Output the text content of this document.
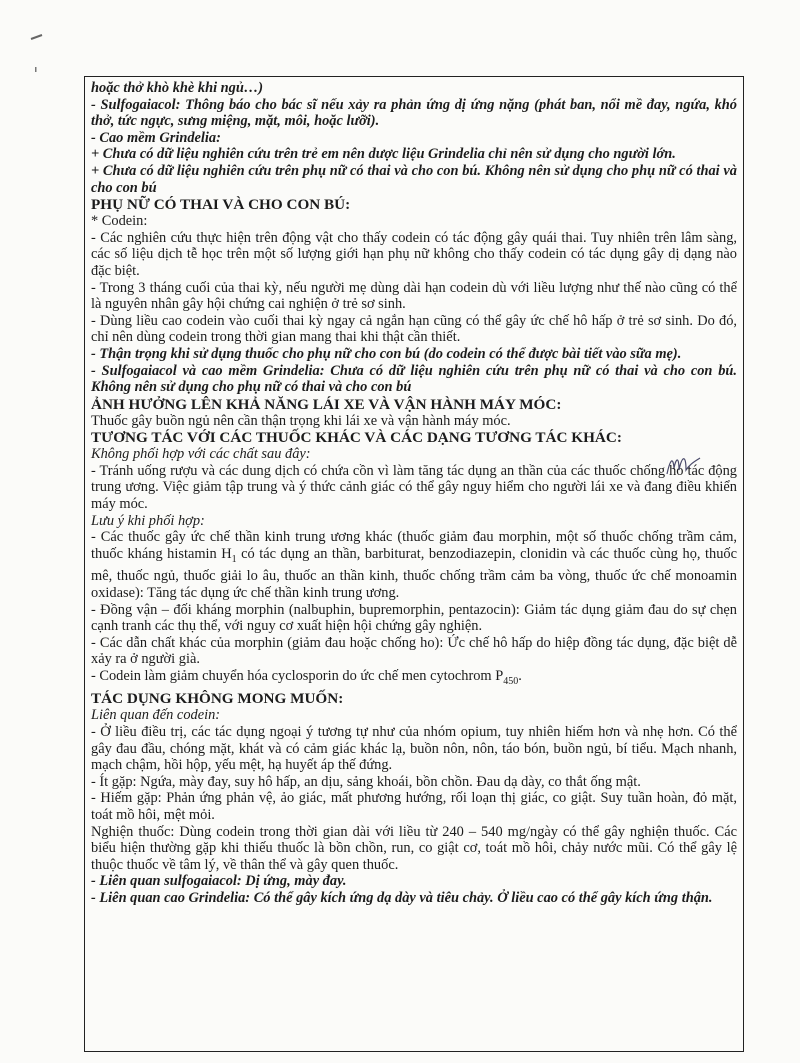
hoặc thở khò khè khi ngủ…)

- Sulfogaiacol: Thông báo cho bác sĩ nếu xảy ra phản ứng dị ứng nặng (phát ban, nổi mề đay, ngứa, khó thở, tức ngực, sưng miệng, mặt, môi, hoặc lưỡi).

- Cao mềm Grindelia:

+ Chưa có dữ liệu nghiên cứu trên trẻ em nên dược liệu Grindelia chỉ nên sử dụng cho người lớn.

+ Chưa có dữ liệu nghiên cứu trên phụ nữ có thai và cho con bú. Không nên sử dụng cho phụ nữ có thai và cho con bú

PHỤ NỮ CÓ THAI VÀ CHO CON BÚ:

* Codein:

- Các nghiên cứu thực hiện trên động vật cho thấy codein có tác động gây quái thai. Tuy nhiên trên lâm sàng, các số liệu dịch tễ học trên một số lượng giới hạn phụ nữ không cho thấy codein có tác dụng gây dị dạng nào đặc biệt.

- Trong 3 tháng cuối của thai kỳ, nếu người mẹ dùng dài hạn codein dù với liều lượng như thế nào cũng có thể là nguyên nhân gây hội chứng cai nghiện ở trẻ sơ sinh.

- Dùng liều cao codein vào cuối thai kỳ ngay cả ngắn hạn cũng có thể gây ức chế hô hấp ở trẻ sơ sinh. Do đó, chỉ nên dùng codein trong thời gian mang thai khi thật cần thiết.

- Thận trọng khi sử dụng thuốc cho phụ nữ cho con bú (do codein có thể được bài tiết vào sữa mẹ).

- Sulfogaiacol và cao mềm Grindelia: Chưa có dữ liệu nghiên cứu trên phụ nữ có thai và cho con bú. Không nên sử dụng cho phụ nữ có thai và cho con bú

ẢNH HƯỞNG LÊN KHẢ NĂNG LÁI XE VÀ VẬN HÀNH MÁY MÓC:

Thuốc gây buồn ngủ nên cần thận trọng khi lái xe và vận hành máy móc.

TƯƠNG TÁC VỚI CÁC THUỐC KHÁC VÀ CÁC DẠNG TƯƠNG TÁC KHÁC:

Không phối hợp với các chất sau đây:

- Tránh uống rượu và các dung dịch có chứa cồn vì làm tăng tác dụng an thần của các thuốc chống ho tác động trung ương. Việc giảm tập trung và ý thức cảnh giác có thể gây nguy hiểm cho người lái xe và đang điều khiển máy móc.

Lưu ý khi phối hợp:

- Các thuốc gây ức chế thần kinh trung ương khác (thuốc giảm đau morphin, một số thuốc chống trầm cảm, thuốc kháng histamin $H_1$ có tác dụng an thần, barbiturat, benzodiazepin, clonidin và các thuốc cùng họ, thuốc mê, thuốc ngủ, thuốc giải lo âu, thuốc an thần kinh, thuốc chống trầm cảm ba vòng, thuốc ức chế monoamin oxidase): Tăng tác dụng ức chế thần kinh trung ương.

- Đồng vận – đối kháng morphin (nalbuphin, bupremorphin, pentazocin): Giảm tác dụng giảm đau do sự chẹn cạnh tranh các thụ thể, với nguy cơ xuất hiện hội chứng gây nghiện.

- Các dẫn chất khác của morphin (giảm đau hoặc chống ho): Ức chế hô hấp do hiệp đồng tác dụng, đặc biệt dễ xảy ra ở người già.

- Codein làm giảm chuyển hóa cyclosporin do ức chế men cytochrom $P_{450}$.

TÁC DỤNG KHÔNG MONG MUỐN:

Liên quan đến codein:

- Ở liều điều trị, các tác dụng ngoại ý tương tự như của nhóm opium, tuy nhiên hiếm hơn và nhẹ hơn. Có thể gây đau đầu, chóng mặt, khát và có cảm giác khác lạ, buồn nôn, nôn, táo bón, buồn ngủ, bí tiểu. Mạch nhanh, mạch chậm, hồi hộp, yếu mệt, hạ huyết áp thế đứng.

- Ít gặp: Ngứa, mày đay, suy hô hấp, an dịu, sảng khoái, bồn chồn. Đau dạ dày, co thắt ống mật.

- Hiếm gặp: Phản ứng phản vệ, ảo giác, mất phương hướng, rối loạn thị giác, co giật. Suy tuần hoàn, đỏ mặt, toát mồ hôi, mệt mỏi.

Nghiện thuốc: Dùng codein trong thời gian dài với liều từ 240 – 540 mg/ngày có thể gây nghiện thuốc. Các biểu hiện thường gặp khi thiếu thuốc là bồn chồn, run, co giật cơ, toát mồ hôi, chảy nước mũi. Có thể gây lệ thuộc thuốc về tâm lý, về thân thể và gây quen thuốc.

- Liên quan sulfogaiacol: Dị ứng, mày đay.

- Liên quan cao Grindelia: Có thể gây kích ứng dạ dày và tiêu chảy. Ở liều cao có thể gây kích ứng thận.
